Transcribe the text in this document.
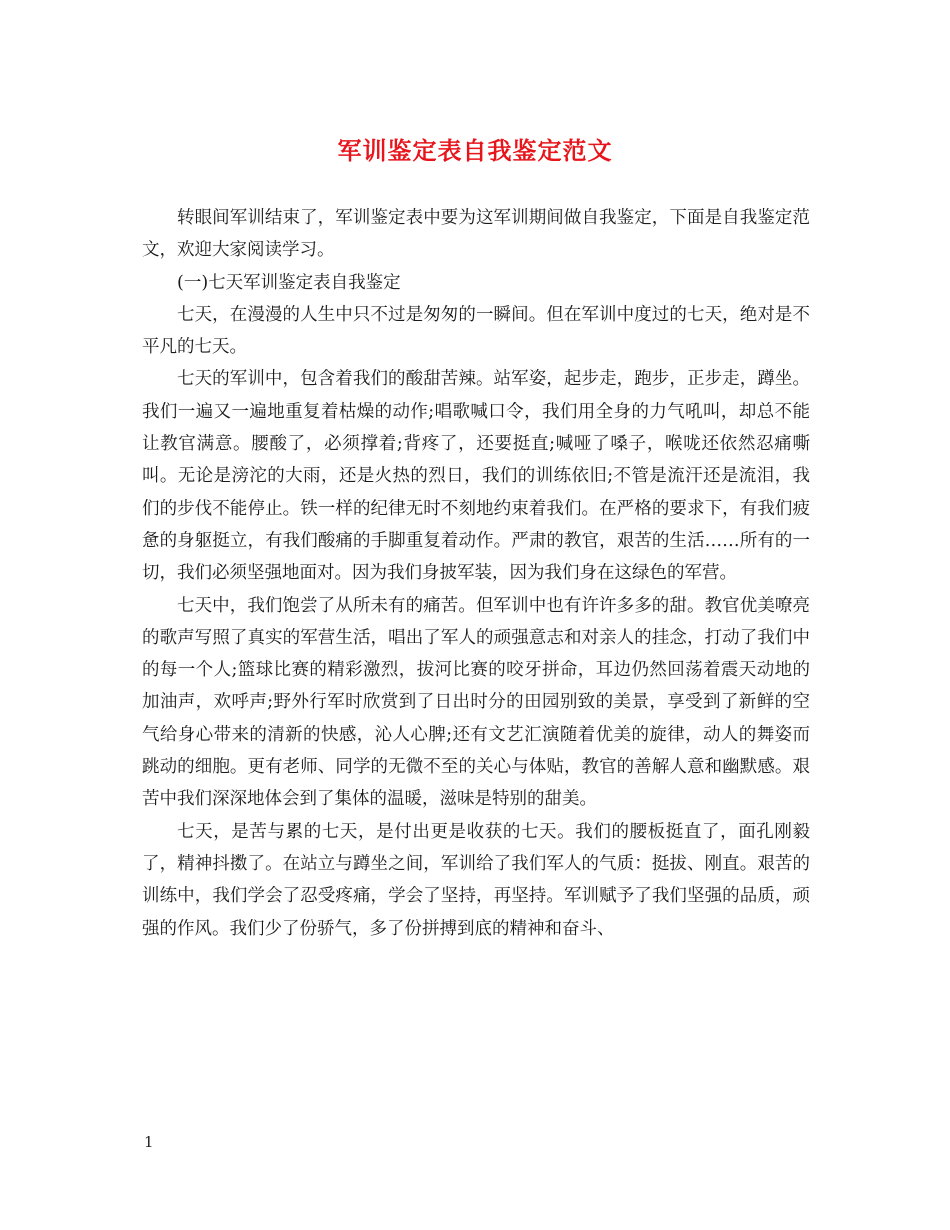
军训鉴定表自我鉴定范文

转眼间军训结束了，军训鉴定表中要为这军训期间做自我鉴定，下面是自我鉴定范文，欢迎大家阅读学习。

(一)七天军训鉴定表自我鉴定

七天，在漫漫的人生中只不过是匆匆的一瞬间。但在军训中度过的七天，绝对是不平凡的七天。

七天的军训中，包含着我们的酸甜苦辣。站军姿，起步走，跑步，正步走，蹲坐。我们一遍又一遍地重复着枯燥的动作;唱歌喊口令，我们用全身的力气吼叫，却总不能让教官满意。腰酸了，必须撑着;背疼了，还要挺直;喊哑了嗓子，喉咙还依然忍痛嘶叫。无论是滂沱的大雨，还是火热的烈日，我们的训练依旧;不管是流汗还是流泪，我们的步伐不能停止。铁一样的纪律无时不刻地约束着我们。在严格的要求下，有我们疲惫的身躯挺立，有我们酸痛的手脚重复着动作。严肃的教官，艰苦的生活……所有的一切，我们必须坚强地面对。因为我们身披军装，因为我们身在这绿色的军营。

七天中，我们饱尝了从所未有的痛苦。但军训中也有许许多多的甜。教官优美嘹亮的歌声写照了真实的军营生活，唱出了军人的顽强意志和对亲人的挂念，打动了我们中的每一个人;篮球比赛的精彩激烈，拔河比赛的咬牙拼命，耳边仍然回荡着震天动地的加油声，欢呼声;野外行军时欣赏到了日出时分的田园别致的美景，享受到了新鲜的空气给身心带来的清新的快感，沁人心脾;还有文艺汇演随着优美的旋律，动人的舞姿而跳动的细胞。更有老师、同学的无微不至的关心与体贴，教官的善解人意和幽默感。艰苦中我们深深地体会到了集体的温暖，滋味是特别的甜美。

七天，是苦与累的七天，是付出更是收获的七天。我们的腰板挺直了，面孔刚毅了，精神抖擞了。在站立与蹲坐之间，军训给了我们军人的气质：挺拔、刚直。艰苦的训练中，我们学会了忍受疼痛，学会了坚持，再坚持。军训赋予了我们坚强的品质，顽强的作风。我们少了份骄气，多了份拼搏到底的精神和奋斗、

1
